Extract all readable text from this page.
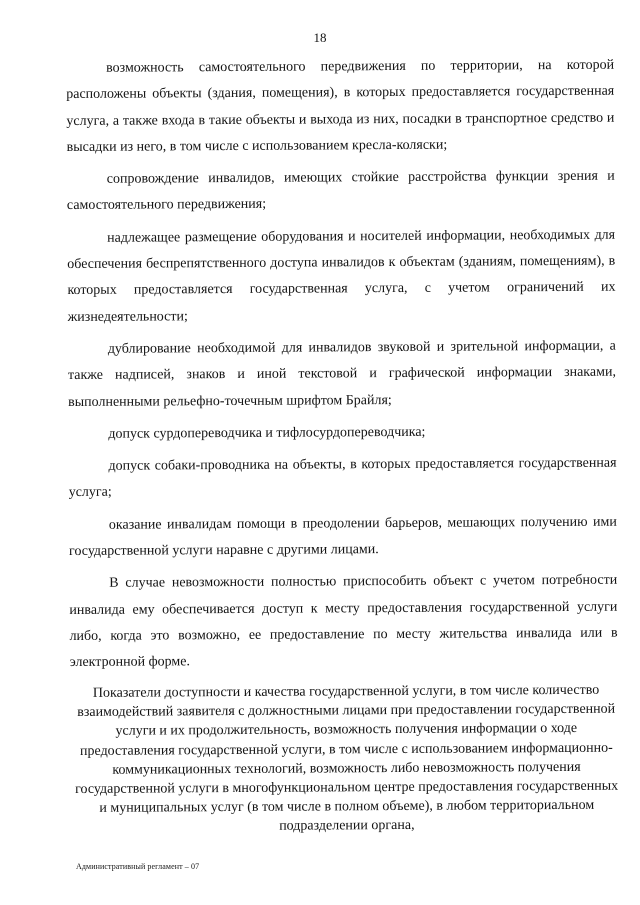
18

возможность самостоятельного передвижения по территории, на которой расположены объекты (здания, помещения), в которых предоставляется государственная услуга, а также входа в такие объекты и выхода из них, посадки в транспортное средство и высадки из него, в том числе с использованием кресла-коляски;

сопровождение инвалидов, имеющих стойкие расстройства функции зрения и самостоятельного передвижения;

надлежащее размещение оборудования и носителей информации, необходимых для обеспечения беспрепятственного доступа инвалидов к объектам (зданиям, помещениям), в которых предоставляется государственная услуга, с учетом ограничений их жизнедеятельности;

дублирование необходимой для инвалидов звуковой и зрительной информации, а также надписей, знаков и иной текстовой и графической информации знаками, выполненными рельефно-точечным шрифтом Брайля;

допуск сурдопереводчика и тифлосурдопереводчика;

допуск собаки-проводника на объекты, в которых предоставляется государственная услуга;

оказание инвалидам помощи в преодолении барьеров, мешающих получению ими государственной услуги наравне с другими лицами.

В случае невозможности полностью приспособить объект с учетом потребности инвалида ему обеспечивается доступ к месту предоставления государственной услуги либо, когда это возможно, ее предоставление по месту жительства инвалида или в электронной форме.

Показатели доступности и качества государственной услуги, в том числе количество взаимодействий заявителя с должностными лицами при предоставлении государственной услуги и их продолжительность, возможность получения информации о ходе предоставления государственной услуги, в том числе с использованием информационно-коммуникационных технологий, возможность либо невозможность получения государственной услуги в многофункциональном центре предоставления государственных и муниципальных услуг (в том числе в полном объеме), в любом территориальном подразделении органа,

Административный регламент – 07
